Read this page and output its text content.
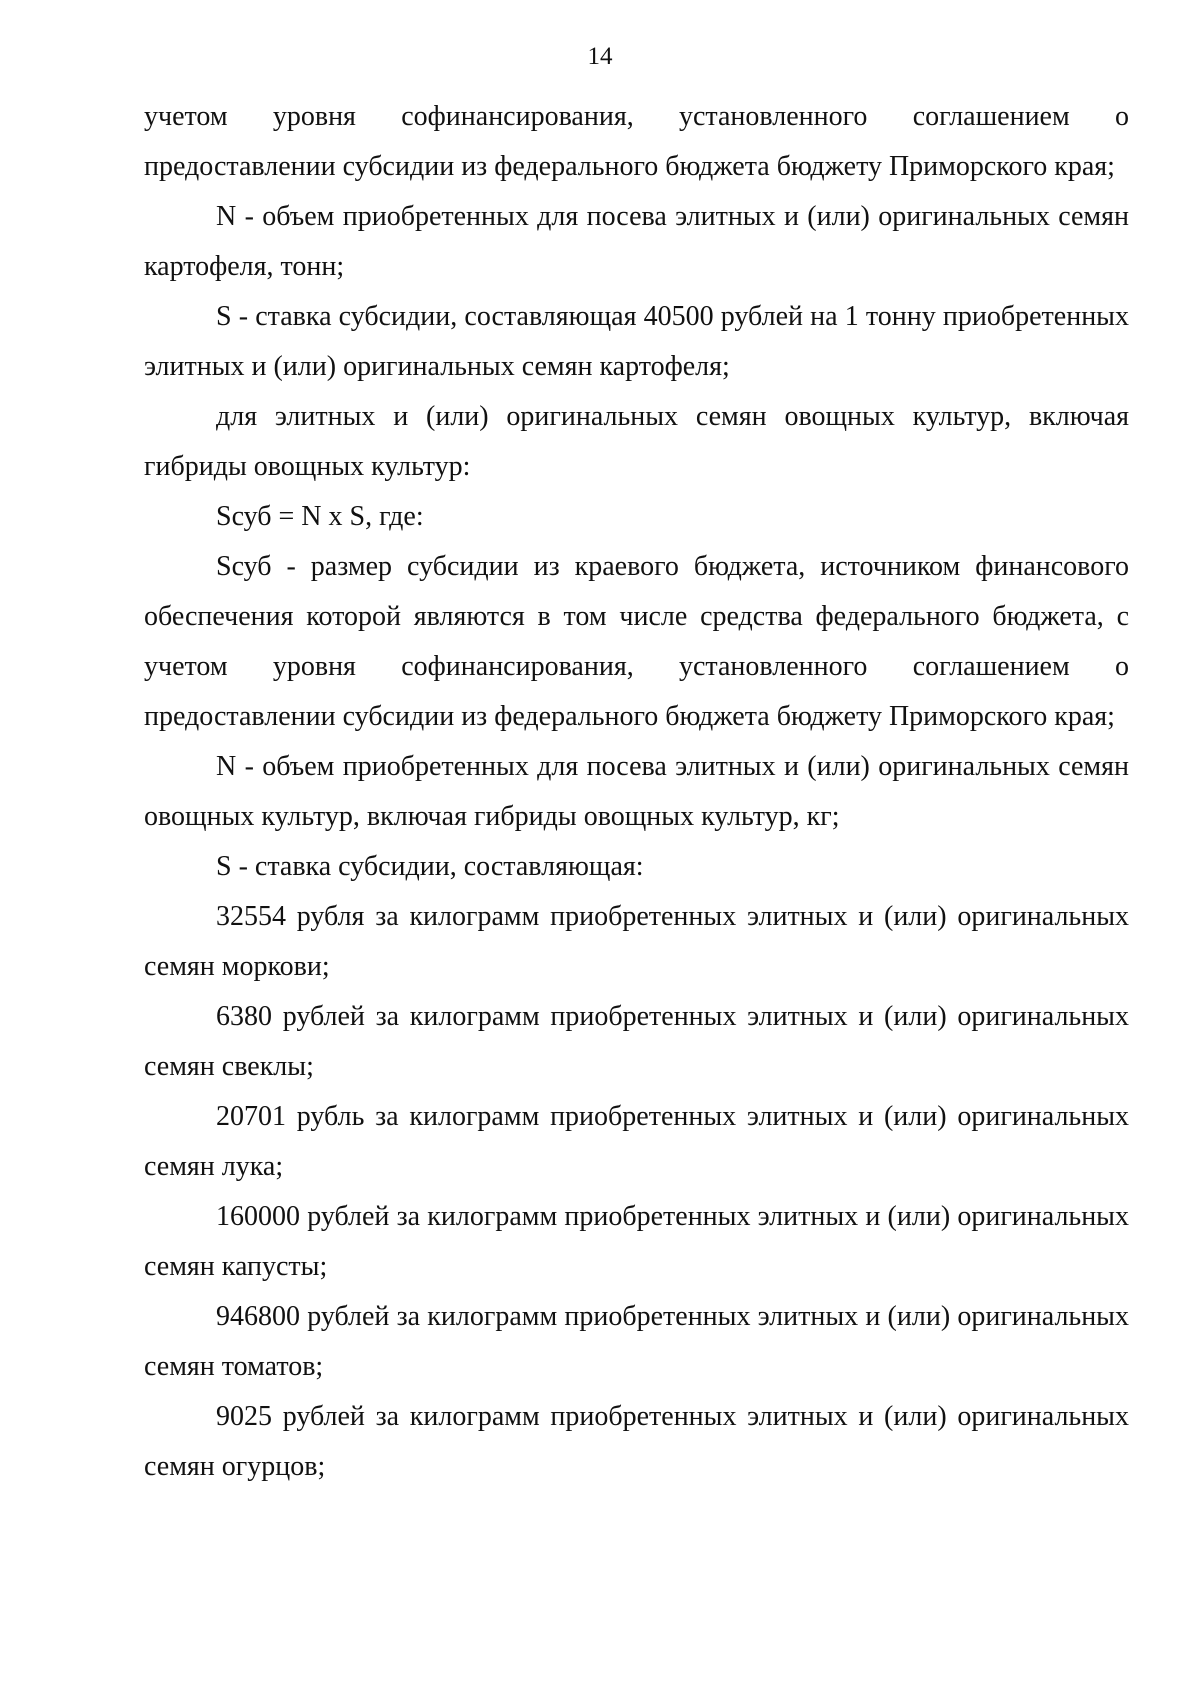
14

учетом уровня софинансирования, установленного соглашением о предоставлении субсидии из федерального бюджета бюджету Приморского края;

N - объем приобретенных для посева элитных и (или) оригинальных семян картофеля, тонн;

S - ставка субсидии, составляющая 40500 рублей на 1 тонну приобретенных элитных и (или) оригинальных семян картофеля;

для элитных и (или) оригинальных семян овощных культур, включая гибриды овощных культур:

Sсуб = N x S, где:

Sсуб - размер субсидии из краевого бюджета, источником финансового обеспечения которой являются в том числе средства федерального бюджета, с учетом уровня софинансирования, установленного соглашением о предоставлении субсидии из федерального бюджета бюджету Приморского края;

N - объем приобретенных для посева элитных и (или) оригинальных семян овощных культур, включая гибриды овощных культур, кг;

S - ставка субсидии, составляющая:

32554 рубля за килограмм приобретенных элитных и (или) оригинальных семян моркови;

6380 рублей за килограмм приобретенных элитных и (или) оригинальных семян свеклы;

20701 рубль за килограмм приобретенных элитных и (или) оригинальных семян лука;

160000 рублей за килограмм приобретенных элитных и (или) оригинальных семян капусты;

946800 рублей за килограмм приобретенных элитных и (или) оригинальных семян томатов;

9025 рублей за килограмм приобретенных элитных и (или) оригинальных семян огурцов;
